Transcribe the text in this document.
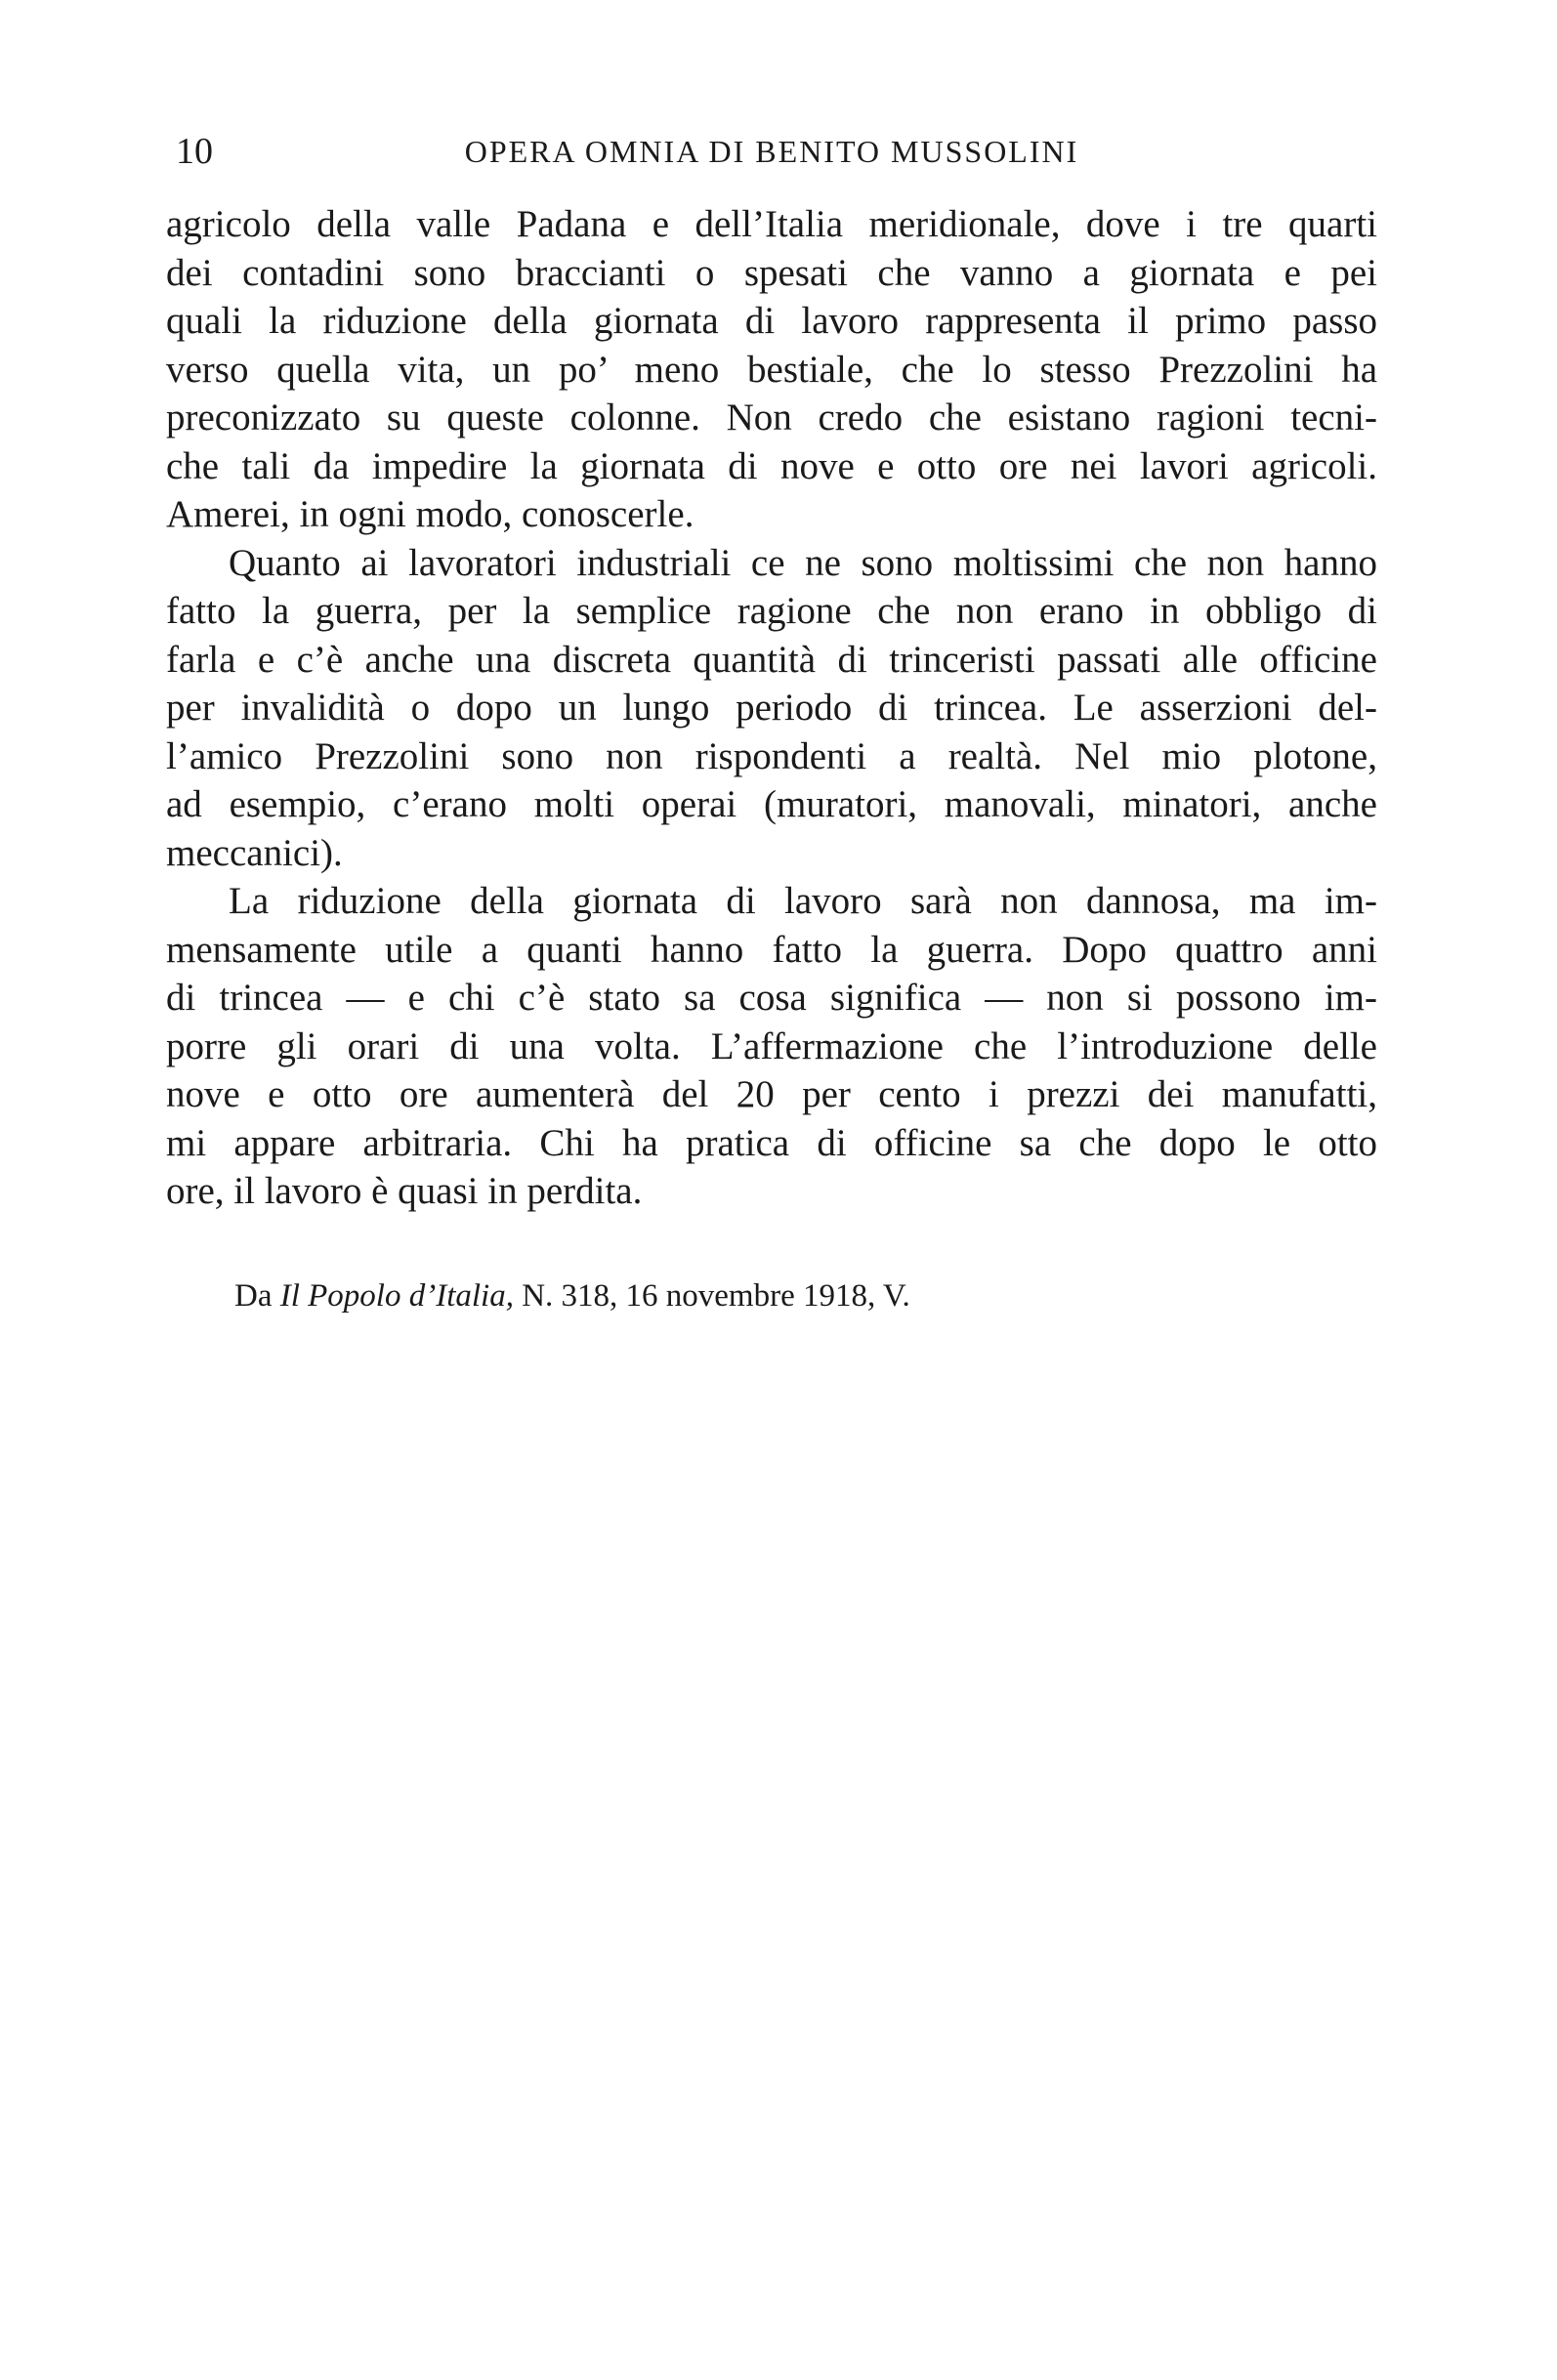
10	OPERA OMNIA DI BENITO MUSSOLINI
agricolo della valle Padana e dell’Italia meridionale, dove i tre quarti
dei contadini sono braccianti o spesati che vanno a giornata e pei
quali la riduzione della giornata di lavoro rappresenta il primo passo
verso quella vita, un po’ meno bestiale, che lo stesso Prezzolini ha
preconizzato su queste colonne. Non credo che esistano ragioni tecni-
che tali da impedire la giornata di nove e otto ore nei lavori agricoli.
Amerei, in ogni modo, conoscerle.
Quanto ai lavoratori industriali ce ne sono moltissimi che non hanno
fatto la guerra, per la semplice ragione che non erano in obbligo di
farla e c’è anche una discreta quantità di trinceristi passati alle officine
per invalidità o dopo un lungo periodo di trincea. Le asserzioni del-
l’amico Prezzolini sono non rispondenti a realtà. Nel mio plotone,
ad esempio, c’erano molti operai (muratori, manovali, minatori, anche
meccanici).
La riduzione della giornata di lavoro sarà non dannosa, ma im-
mensamente utile a quanti hanno fatto la guerra. Dopo quattro anni
di trincea — e chi c’è stato sa cosa significa — non si possono im-
porre gli orari di una volta. L’affermazione che l’introduzione delle
nove e otto ore aumenterà del 20 per cento i prezzi dei manufatti,
mi appare arbitraria. Chi ha pratica di officine sa che dopo le otto
ore, il lavoro è quasi in perdita.
Da Il Popolo d’Italia, N. 318, 16 novembre 1918, V.
